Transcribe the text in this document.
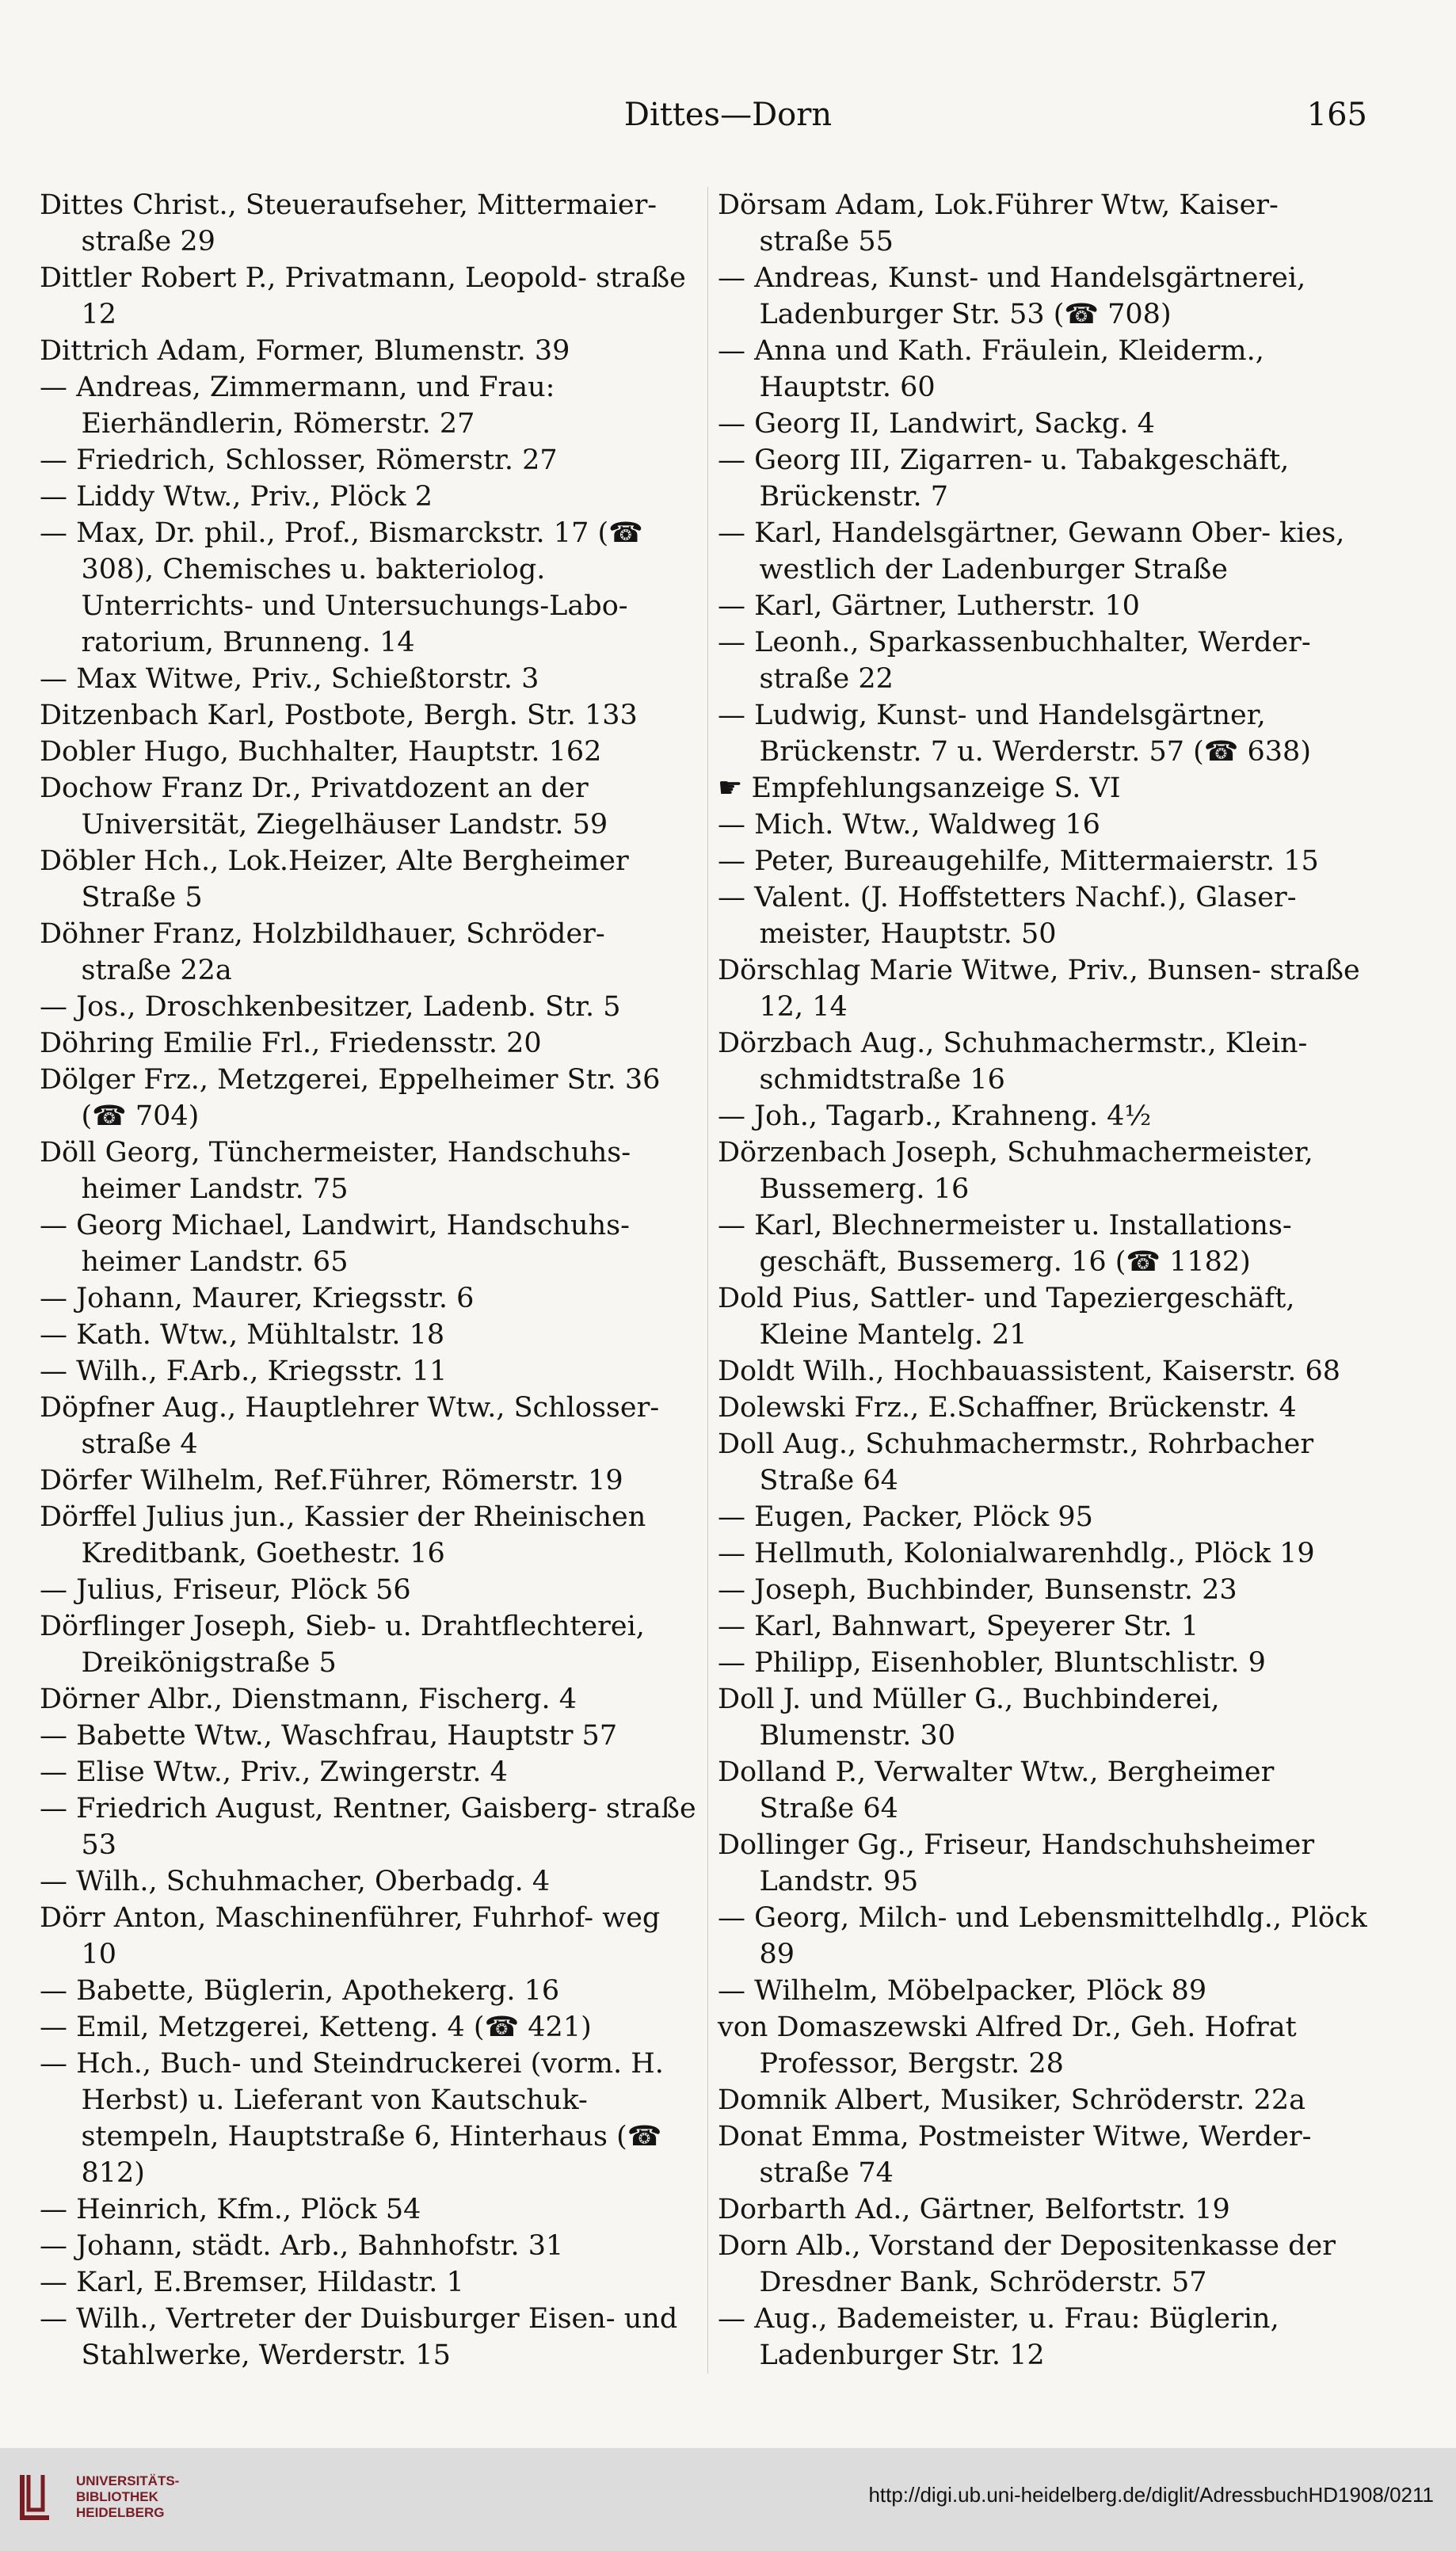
Dittes—Dorn	165

Dittes Christ., Steueraufseher, Mittermaier- straße 29

Dittler Robert P., Privatmann, Leopold- straße 12

Dittrich Adam, Former, Blumenstr. 39

— Andreas, Zimmermann, und Frau: Eierhändlerin, Römerstr. 27

— Friedrich, Schlosser, Römerstr. 27

— Liddy Wtw., Priv., Plöck 2

— Max, Dr. phil., Prof., Bismarckstr. 17 (☎ 308), Chemisches u. bakteriolog. Unterrichts- und Untersuchungs-Labo- ratorium, Brunneng. 14

— Max Witwe, Priv., Schießtorstr. 3

Ditzenbach Karl, Postbote, Bergh. Str. 133

Dobler Hugo, Buchhalter, Hauptstr. 162

Dochow Franz Dr., Privatdozent an der Universität, Ziegelhäuser Landstr. 59

Döbler Hch., Lok.Heizer, Alte Bergheimer Straße 5

Döhner Franz, Holzbildhauer, Schröder- straße 22a

— Jos., Droschkenbesitzer, Ladenb. Str. 5

Döhring Emilie Frl., Friedensstr. 20

Dölger Frz., Metzgerei, Eppelheimer Str. 36 (☎ 704)

Döll Georg, Tünchermeister, Handschuhs- heimer Landstr. 75

— Georg Michael, Landwirt, Handschuhs- heimer Landstr. 65

— Johann, Maurer, Kriegsstr. 6

— Kath. Wtw., Mühltalstr. 18

— Wilh., F.Arb., Kriegsstr. 11

Döpfner Aug., Hauptlehrer Wtw., Schlosser- straße 4

Dörfer Wilhelm, Ref.Führer, Römerstr. 19

Dörffel Julius jun., Kassier der Rheinischen Kreditbank, Goethestr. 16

— Julius, Friseur, Plöck 56

Dörflinger Joseph, Sieb- u. Drahtflechterei, Dreikönigstraße 5

Dörner Albr., Dienstmann, Fischerg. 4

— Babette Wtw., Waschfrau, Hauptstr 57

— Elise Wtw., Priv., Zwingerstr. 4

— Friedrich August, Rentner, Gaisberg- straße 53

— Wilh., Schuhmacher, Oberbadg. 4

Dörr Anton, Maschinenführer, Fuhrhof- weg 10

— Babette, Büglerin, Apothekerg. 16

— Emil, Metzgerei, Ketteng. 4 (☎ 421)

— Hch., Buch- und Steindruckerei (vorm. H. Herbst) u. Lieferant von Kautschuk- stempeln, Hauptstraße 6, Hinterhaus (☎ 812)

— Heinrich, Kfm., Plöck 54

— Johann, städt. Arb., Bahnhofstr. 31

— Karl, E.Bremser, Hildastr. 1

— Wilh., Vertreter der Duisburger Eisen- und Stahlwerke, Werderstr. 15

Dörsam Adam, Lok.Führer Wtw, Kaiser- straße 55

— Andreas, Kunst- und Handelsgärtnerei, Ladenburger Str. 53 (☎ 708)

— Anna und Kath. Fräulein, Kleiderm., Hauptstr. 60

— Georg II, Landwirt, Sackg. 4

— Georg III, Zigarren- u. Tabakgeschäft, Brückenstr. 7

— Karl, Handelsgärtner, Gewann Ober- kies, westlich der Ladenburger Straße

— Karl, Gärtner, Lutherstr. 10

— Leonh., Sparkassenbuchhalter, Werder- straße 22

— Ludwig, Kunst- und Handelsgärtner, Brückenstr. 7 u. Werderstr. 57 (☎ 638)

☛ Empfehlungsanzeige S. VI

— Mich. Wtw., Waldweg 16

— Peter, Bureaugehilfe, Mittermaierstr. 15

— Valent. (J. Hoffstetters Nachf.), Glaser- meister, Hauptstr. 50

Dörschlag Marie Witwe, Priv., Bunsen- straße 12, 14

Dörzbach Aug., Schuhmachermstr., Klein- schmidtstraße 16

— Joh., Tagarb., Krahneng. 4½

Dörzenbach Joseph, Schuhmachermeister, Bussemerg. 16

— Karl, Blechnermeister u. Installations- geschäft, Bussemerg. 16 (☎ 1182)

Dold Pius, Sattler- und Tapeziergeschäft, Kleine Mantelg. 21

Doldt Wilh., Hochbauassistent, Kaiserstr. 68

Dolewski Frz., E.Schaffner, Brückenstr. 4

Doll Aug., Schuhmachermstr., Rohrbacher Straße 64

— Eugen, Packer, Plöck 95

— Hellmuth, Kolonialwarenhdlg., Plöck 19

— Joseph, Buchbinder, Bunsenstr. 23

— Karl, Bahnwart, Speyerer Str. 1

— Philipp, Eisenhobler, Bluntschlistr. 9

Doll J. und Müller G., Buchbinderei, Blumenstr. 30

Dolland P., Verwalter Wtw., Bergheimer Straße 64

Dollinger Gg., Friseur, Handschuhsheimer Landstr. 95

— Georg, Milch- und Lebensmittelhdlg., Plöck 89

— Wilhelm, Möbelpacker, Plöck 89

von Domaszewski Alfred Dr., Geh. Hofrat Professor, Bergstr. 28

Domnik Albert, Musiker, Schröderstr. 22a

Donat Emma, Postmeister Witwe, Werder- straße 74

Dorbarth Ad., Gärtner, Belfortstr. 19

Dorn Alb., Vorstand der Depositenkasse der Dresdner Bank, Schröderstr. 57

— Aug., Bademeister, u. Frau: Büglerin, Ladenburger Str. 12

UNIVERSITÄTS-
BIBLIOTHEK
HEIDELBERG
http://digi.ub.uni-heidelberg.de/diglit/AdressbuchHD1908/0211
